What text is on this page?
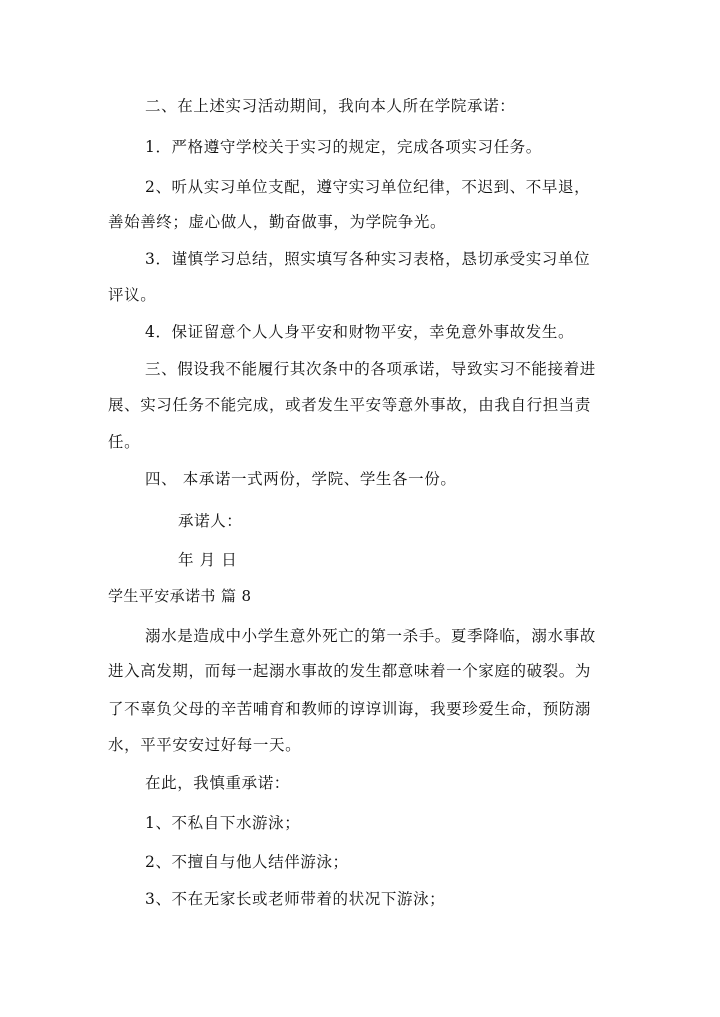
二、在上述实习活动期间，我向本人所在学院承诺：
1．严格遵守学校关于实习的规定，完成各项实习任务。
2、听从实习单位支配，遵守实习单位纪律，不迟到、不早退，
善始善终；虚心做人，勤奋做事，为学院争光。
3．谨慎学习总结，照实填写各种实习表格，恳切承受实习单位
评议。
4．保证留意个人人身平安和财物平安，幸免意外事故发生。
三、假设我不能履行其次条中的各项承诺，导致实习不能接着进
展、实习任务不能完成，或者发生平安等意外事故，由我自行担当责
任。
四、 本承诺一式两份，学院、学生各一份。
承诺人：
年 月 日
学生平安承诺书 篇 8
溺水是造成中小学生意外死亡的第一杀手。夏季降临，溺水事故
进入高发期，而每一起溺水事故的发生都意味着一个家庭的破裂。为
了不辜负父母的辛苦哺育和教师的谆谆训诲，我要珍爱生命，预防溺
水，平平安安过好每一天。
在此，我慎重承诺：
1、不私自下水游泳；
2、不擅自与他人结伴游泳；
3、不在无家长或老师带着的状况下游泳；
